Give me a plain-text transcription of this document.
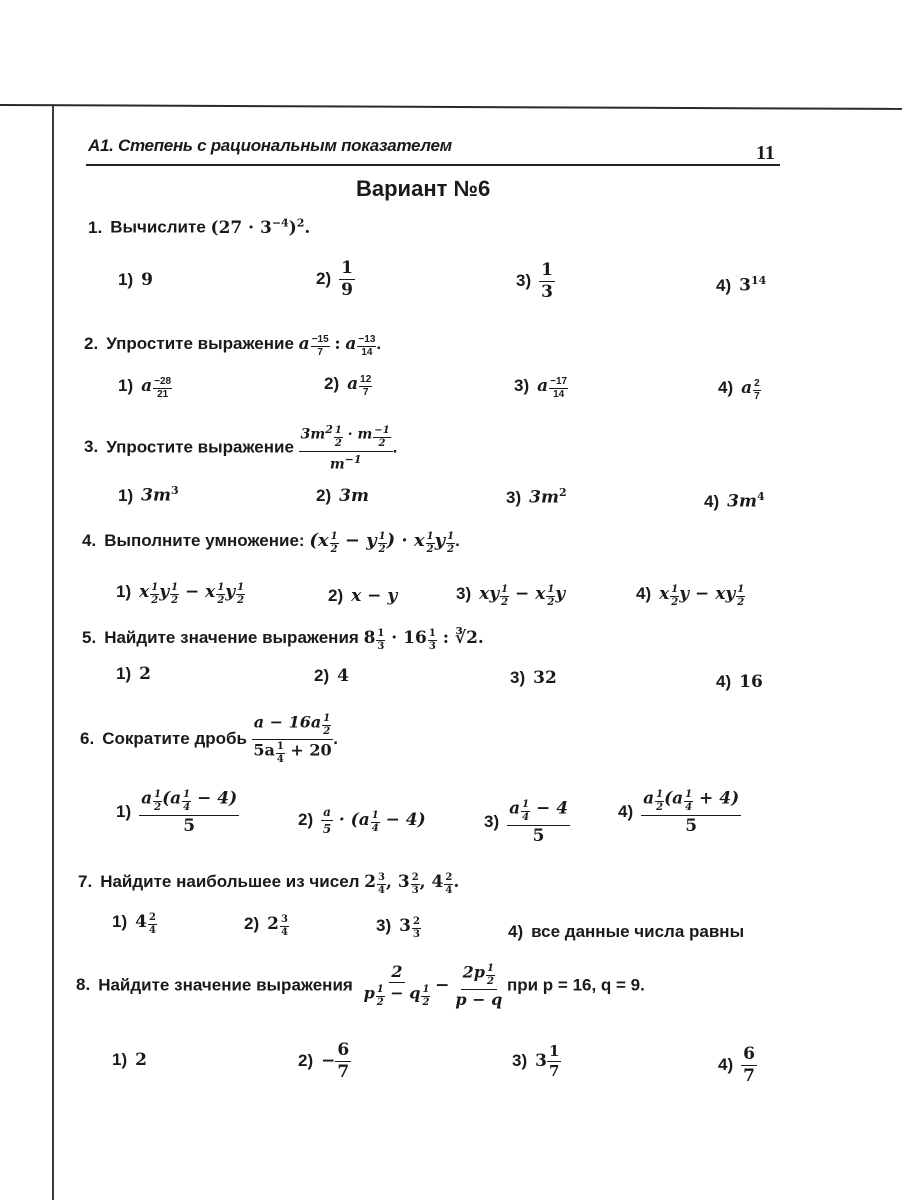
A1. Степень с рациональным показателем	11
Вариант №6
1. Вычислите $(27 \cdot 3^{-4})^2$.
1) 9	$2) \frac{1}{9}$	$3) \frac{1}{3}$	4) $3^{14}$
2. Упростите выражение a $\frac{-15}{7}$ : a $\frac{-13}{14}$ .
1) a $\frac{-28}{21}$	2) a $\frac{12}{7}$	3) a $\frac{-17}{14}$	4) a $\frac{2}{7}$
3. Упростите выражение $\frac{3m^2 \frac{1}{2} \cdot m \frac{-1}{2}}{m^{-1}}$ .
1) $3m^3$	2) 3m	3) $3m^2$	4) $3m^4$
4. Выполните умножение: ($x \frac{1}{2} - y \frac{1}{2}$ ) · x $\frac{1}{2}$ y $\frac{1}{2}$ .
1) x $\frac{1}{2}$ y $\frac{1}{2} - x \frac{1}{2}$ y $\frac{1}{2}$	2) x − y	3) xy $\frac{1}{2} - x \frac{1}{2}$ y	4) x $\frac{1}{2}$ y − xy $\frac{1}{2}$
5. Найдите значение выражения $8 \frac{1}{3} \cdot 16 \frac{1}{3}$ : ∛2.
1) 2	2) 4	3) 32	4) 16
6. Сократите дробь $\frac{a - 16a \frac{1}{2}}{5a \frac{1}{4} + 20}$ .
$1) \frac{a \frac{1}{2} (a \frac{1}{4} - 4)}{5}$	$2) \frac{a}{5} \cdot (a \frac{1}{4} - 4)$	$3) \frac{a \frac{1}{4} - 4}{5}$	$4) \frac{a \frac{1}{2} (a \frac{1}{4} + 4)}{5}$
7. Найдите наибольшее из чисел $2 \frac{3}{4}$ , $3 \frac{2}{3}$ , $4 \frac{2}{4}$ .
1) $4 \frac{2}{4}$	2) $2 \frac{3}{4}$	3) $3 \frac{2}{3}$	4) все данные числа равны
8. Найдите значение выражения $\frac{2}{p \frac{1}{2} - q \frac{1}{2}} - \frac{2p \frac{1}{2}}{p - q}$ при p = 16, q = 9.
1) 2	$2) - \frac{6}{7}$	3) $3 \frac{1}{7}$	$4) \frac{6}{7}$
